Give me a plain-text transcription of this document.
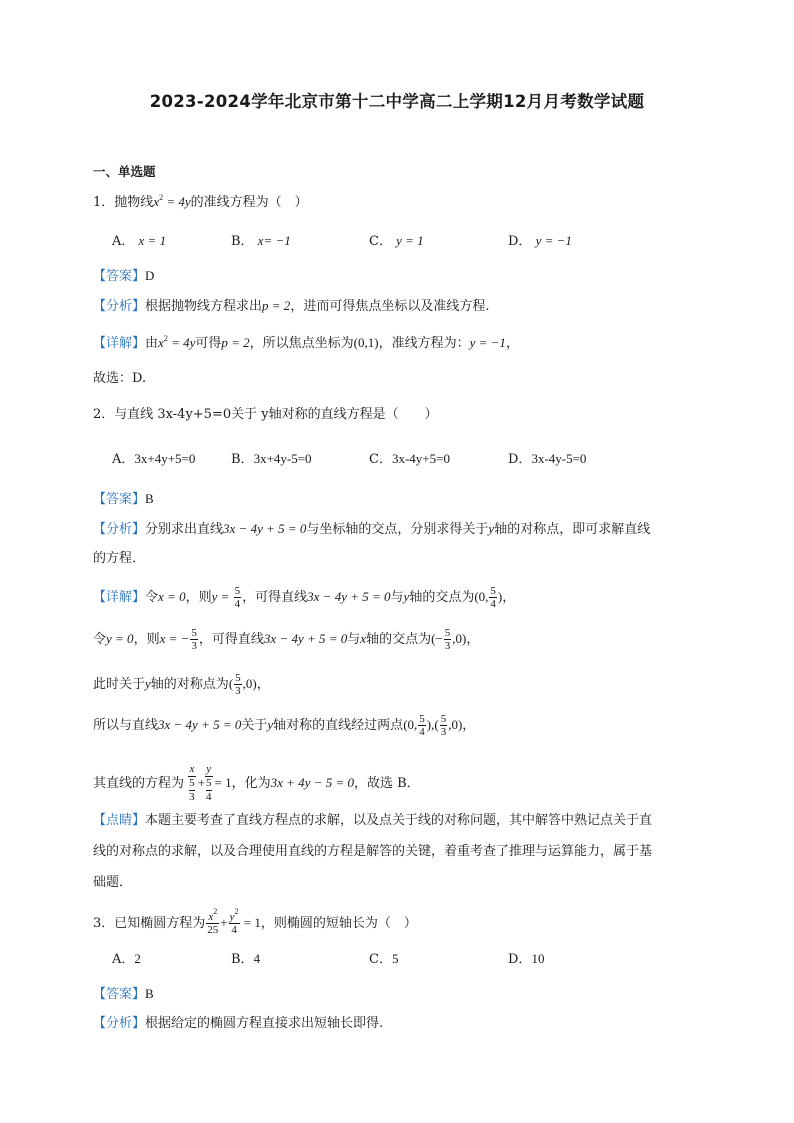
2023-2024学年北京市第十二中学高二上学期12月月考数学试题
一、单选题
1．抛物线$x^2 = 4y$的准线方程为（　）
A． x = 1	B． x= −1	C． y = 1	D． y = −1
【答案】D
【分析】根据抛物线方程求出p = 2，进而可得焦点坐标以及准线方程.
【详解】由$x^2 = 4y$可得p = 2，所以焦点坐标为(0,1)，准线方程为：y = −1，
故选：D.
2．与直线 3x-4y+5=0关于 y轴对称的直线方程是（　　）
A．3x+4y+5=0	B．3x+4y-5=0	C．3x-4y+5=0	D．3x-4y-5=0
【答案】B
【分析】分别求出直线3x − 4y + 5 = 0与坐标轴的交点，分别求得关于y轴的对称点，即可求解直线
的方程．
【详解】令x = 0，则$y = \frac{5}{4}$ ，可得直线3x − 4y + 5 = 0与y轴的交点为(0, $\frac{5}{4}$ )，
令y = 0，则x = − $\frac{5}{3}$ ，可得直线3x − 4y + 5 = 0与x轴的交点为(− $\frac{5}{3} ,0$)，
此时关于y轴的对称点为( $\frac{5}{3} ,0$)，
所以与直线3x − 4y + 5 = 0关于y轴对称的直线经过两点(0, $\frac{5}{4}$ ),( $\frac{5}{3} ,0$)，
其直线的方程为 $\frac{x}{\frac{5}{3}} + \frac{y}{\frac{5}{4}} = 1$，化为3x + 4y − 5 = 0，故选 B．
【点睛】本题主要考查了直线方程点的求解，以及点关于线的对称问题，其中解答中熟记点关于直
线的对称点的求解，以及合理使用直线的方程是解答的关键，着重考查了推理与运算能力，属于基
础题．
3．已知椭圆方程为 $\frac{x^2}{25} + \frac{y^2}{4} = 1$，则椭圆的短轴长为（　）
A．2	B．4	C．5	D．10
【答案】B
【分析】根据给定的椭圆方程直接求出短轴长即得.
